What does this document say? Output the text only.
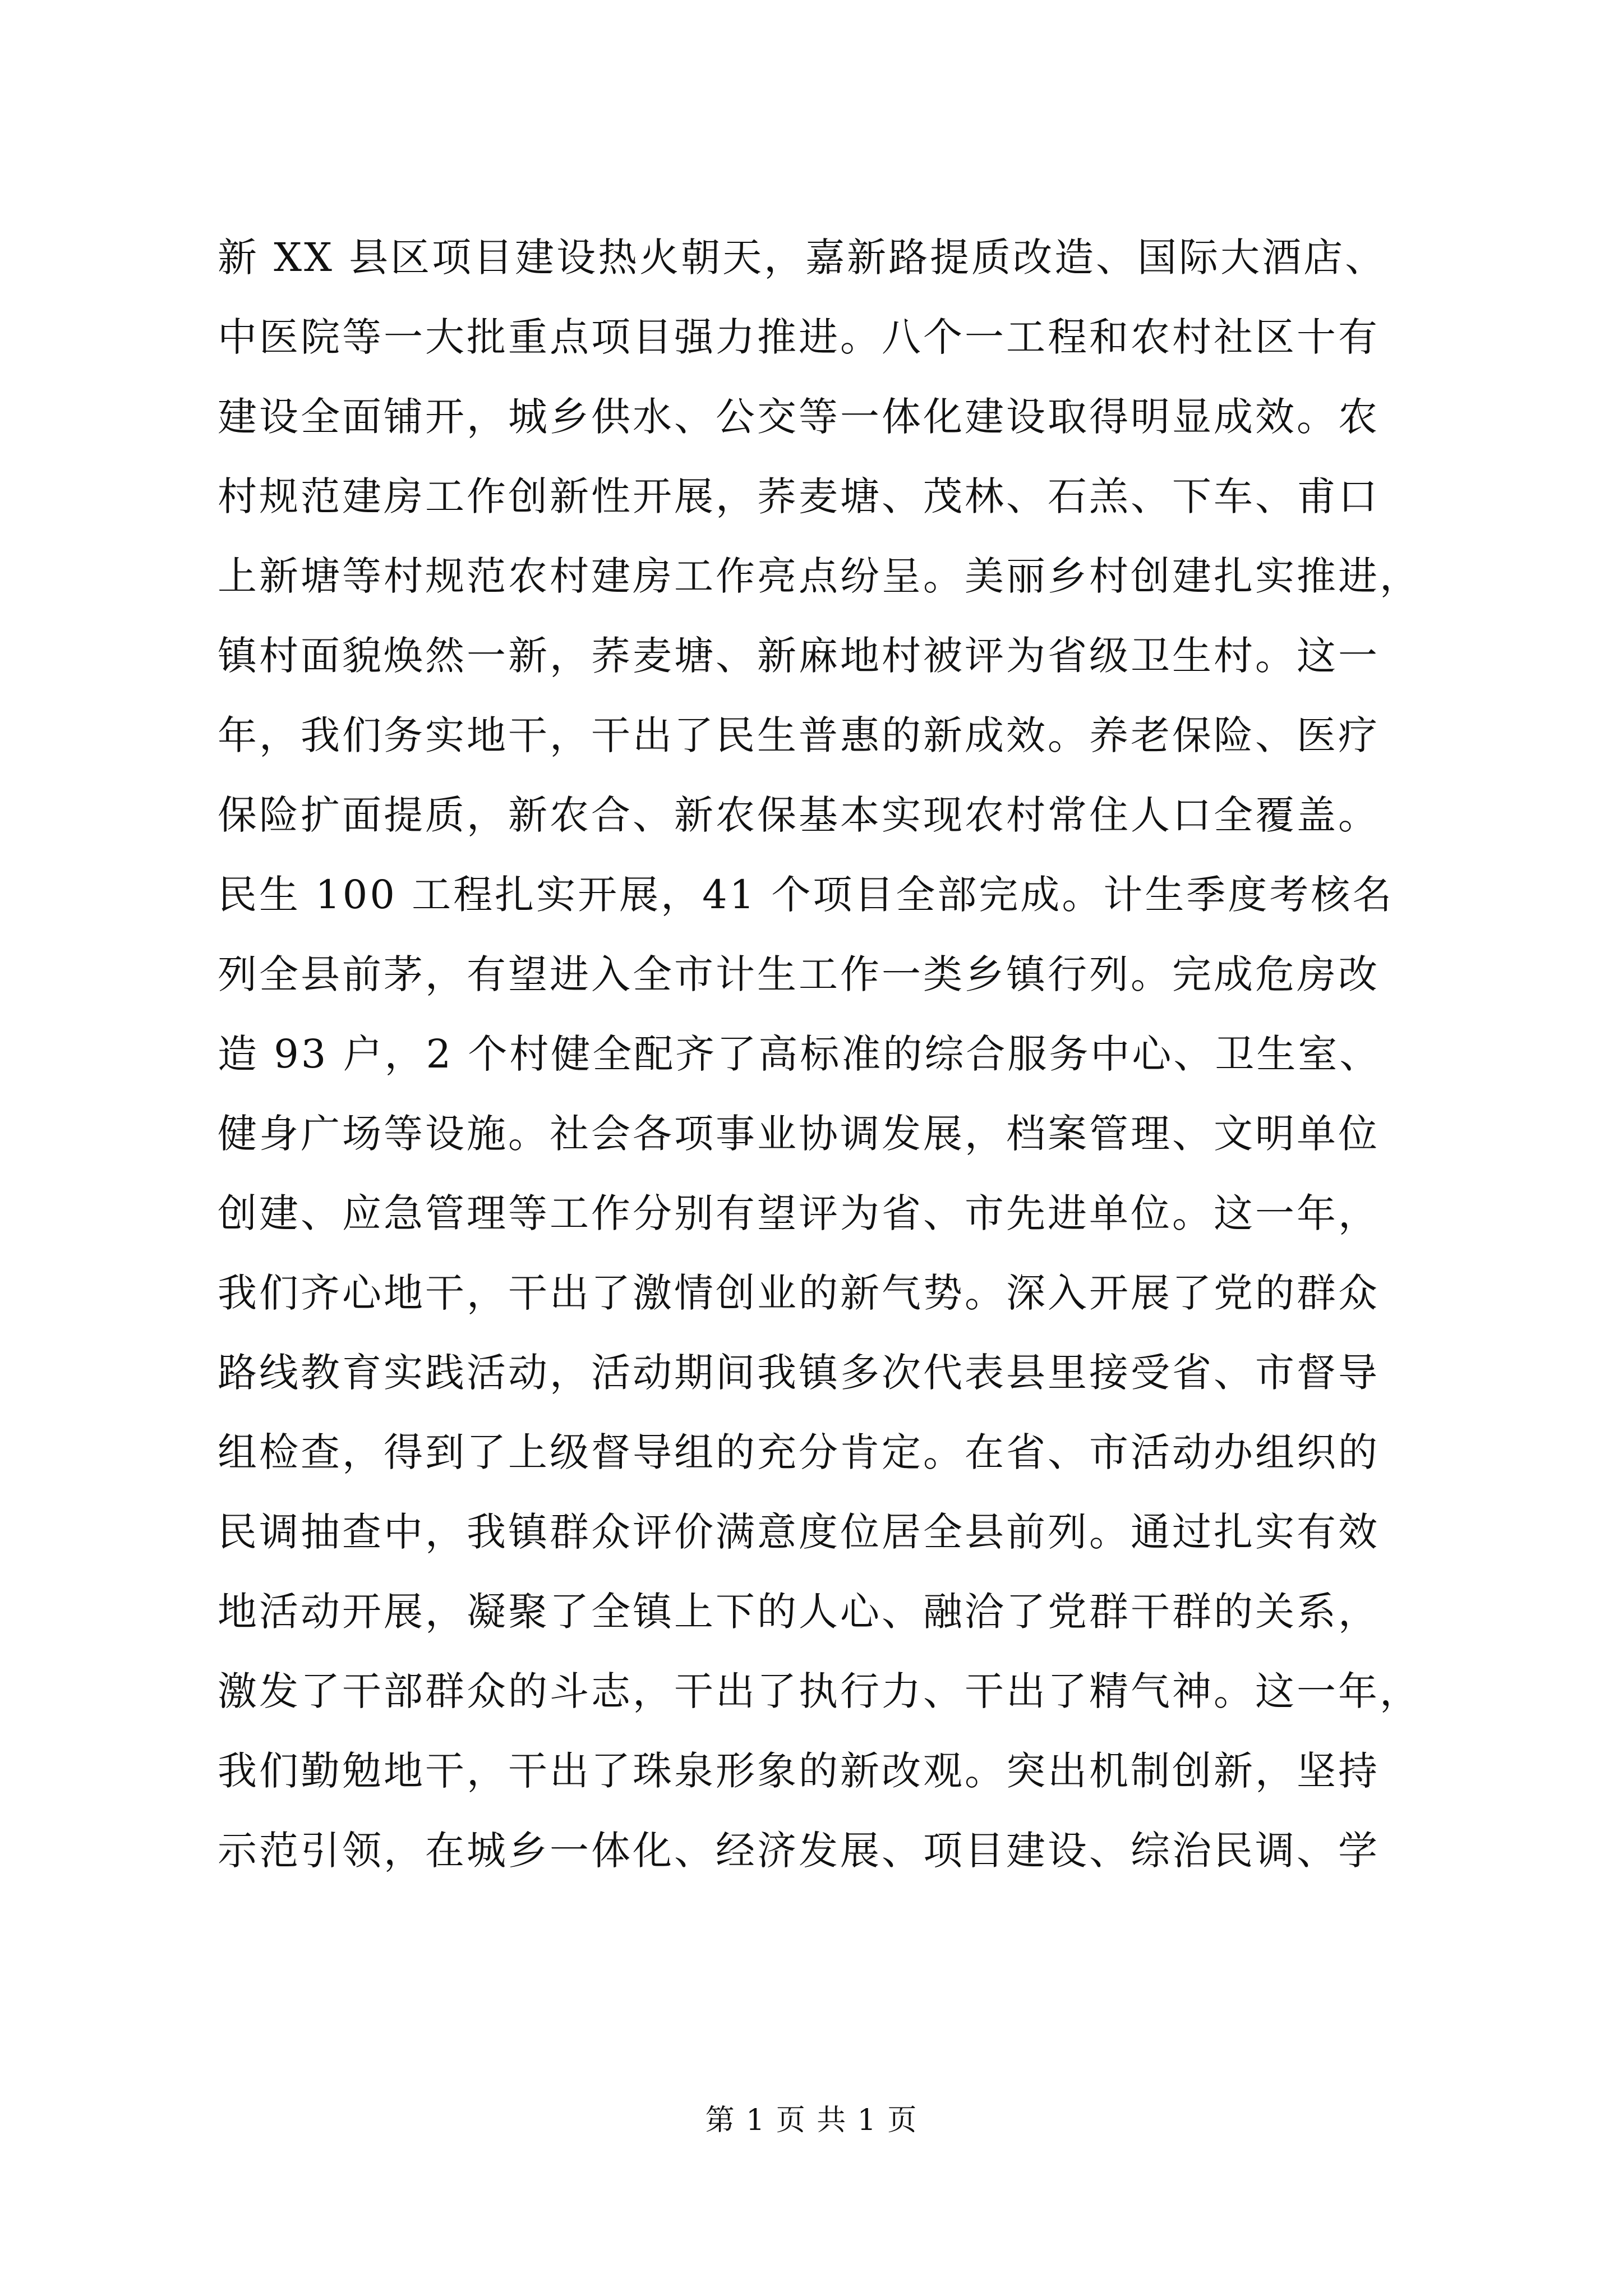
新 XX 县区项目建设热火朝天，嘉新路提质改造、国际大酒店、
中医院等一大批重点项目强力推进。八个一工程和农村社区十有
建设全面铺开，城乡供水、公交等一体化建设取得明显成效。农
村规范建房工作创新性开展，荞麦塘、茂林、石羔、下车、甫口
上新塘等村规范农村建房工作亮点纷呈。美丽乡村创建扎实推进，
镇村面貌焕然一新，荞麦塘、新麻地村被评为省级卫生村。这一
年，我们务实地干，干出了民生普惠的新成效。养老保险、医疗
保险扩面提质，新农合、新农保基本实现农村常住人口全覆盖。
民生 100 工程扎实开展，41 个项目全部完成。计生季度考核名
列全县前茅，有望进入全市计生工作一类乡镇行列。完成危房改
造 93 户，2 个村健全配齐了高标准的综合服务中心、卫生室、
健身广场等设施。社会各项事业协调发展，档案管理、文明单位
创建、应急管理等工作分别有望评为省、市先进单位。这一年，
我们齐心地干，干出了激情创业的新气势。深入开展了党的群众
路线教育实践活动，活动期间我镇多次代表县里接受省、市督导
组检查，得到了上级督导组的充分肯定。在省、市活动办组织的
民调抽查中，我镇群众评价满意度位居全县前列。通过扎实有效
地活动开展，凝聚了全镇上下的人心、融洽了党群干群的关系，
激发了干部群众的斗志，干出了执行力、干出了精气神。这一年，
我们勤勉地干，干出了珠泉形象的新改观。突出机制创新，坚持
示范引领，在城乡一体化、经济发展、项目建设、综治民调、学
第 1 页 共 1 页
